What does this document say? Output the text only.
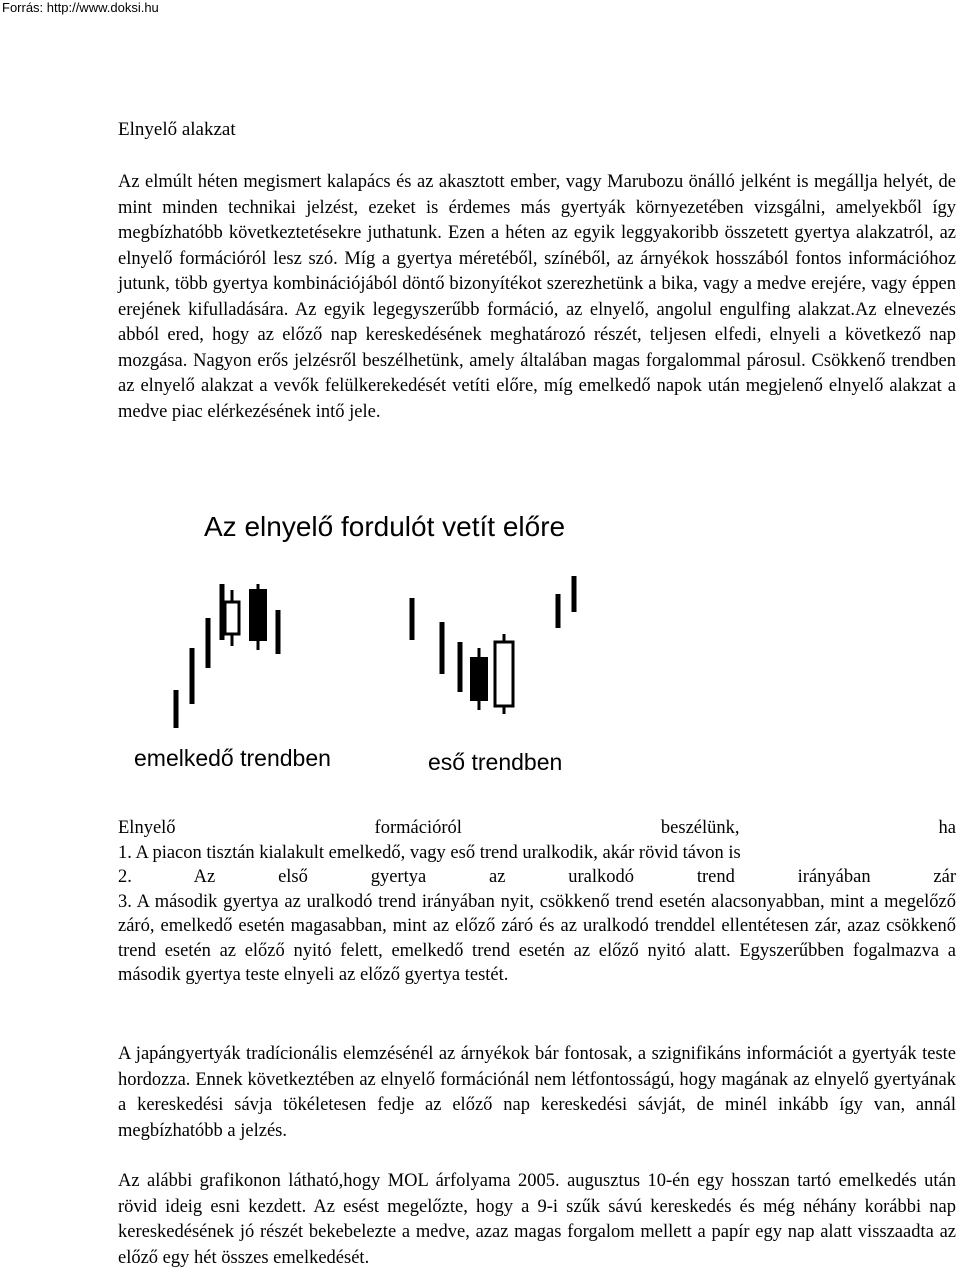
Forrás: http://www.doksi.hu
Elnyelő alakzat

Az elmúlt héten megismert kalapács és az akasztott ember, vagy Marubozu önálló jelként is megállja helyét, de mint minden technikai jelzést, ezeket is érdemes más gyertyák környezetében vizsgálni, amelyekből így megbízhatóbb következtetésekre juthatunk. Ezen a héten az egyik leggyakoribb összetett gyertya alakzatról, az elnyelő formációról lesz szó. Míg a gyertya méretéből, színéből, az árnyékok hosszából fontos információhoz jutunk, több gyertya kombinációjából döntő bizonyítékot szerezhetünk a bika, vagy a medve erejére, vagy éppen erejének kifulladására. Az egyik legegyszerűbb formáció, az elnyelő, angolul engulfing alakzat.Az elnevezés abból ered, hogy az előző nap kereskedésének meghatározó részét, teljesen elfedi, elnyeli a következő nap mozgása. Nagyon erős jelzésről beszélhetünk, amely általában magas forgalommal párosul. Csökkenő trendben az elnyelő alakzat a vevők felülkerekedését vetíti előre, míg emelkedő napok után megjelenő elnyelő alakzat a medve piac elérkezésének intő jele.

Az elnyelő fordulót vetít előre
emelkedő trendben	eső trendben
Elnyelő formációról beszélünk, ha
1. A piacon tisztán kialakult emelkedő, vagy eső trend uralkodik, akár rövid távon is
2. Az első gyertya az uralkodó trend irányában zár
3. A második gyertya az uralkodó trend irányában nyit, csökkenő trend esetén alacsonyabban, mint a megelőző záró, emelkedő esetén magasabban, mint az előző záró és az uralkodó trenddel ellentétesen zár, azaz csökkenő trend esetén az előző nyitó felett, emelkedő trend esetén az előző nyitó alatt. Egyszerűbben fogalmazva a második gyertya teste elnyeli az előző gyertya testét.

A japángyertyák tradícionális elemzésénél az árnyékok bár fontosak, a szignifikáns információt a gyertyák teste hordozza. Ennek következtében az elnyelő formációnál nem létfontosságú, hogy magának az elnyelő gyertyának a kereskedési sávja tökéletesen fedje az előző nap kereskedési sávját, de minél inkább így van, annál megbízhatóbb a jelzés.

Az alábbi grafikonon látható,hogy MOL árfolyama 2005. augusztus 10-én egy hosszan tartó emelkedés után rövid ideig esni kezdett. Az esést megelőzte, hogy a 9-i szűk sávú kereskedés és még néhány korábbi nap kereskedésének jó részét bekebelezte a medve, azaz magas forgalom mellett a papír egy nap alatt visszaadta az előző egy hét összes emelkedését.
